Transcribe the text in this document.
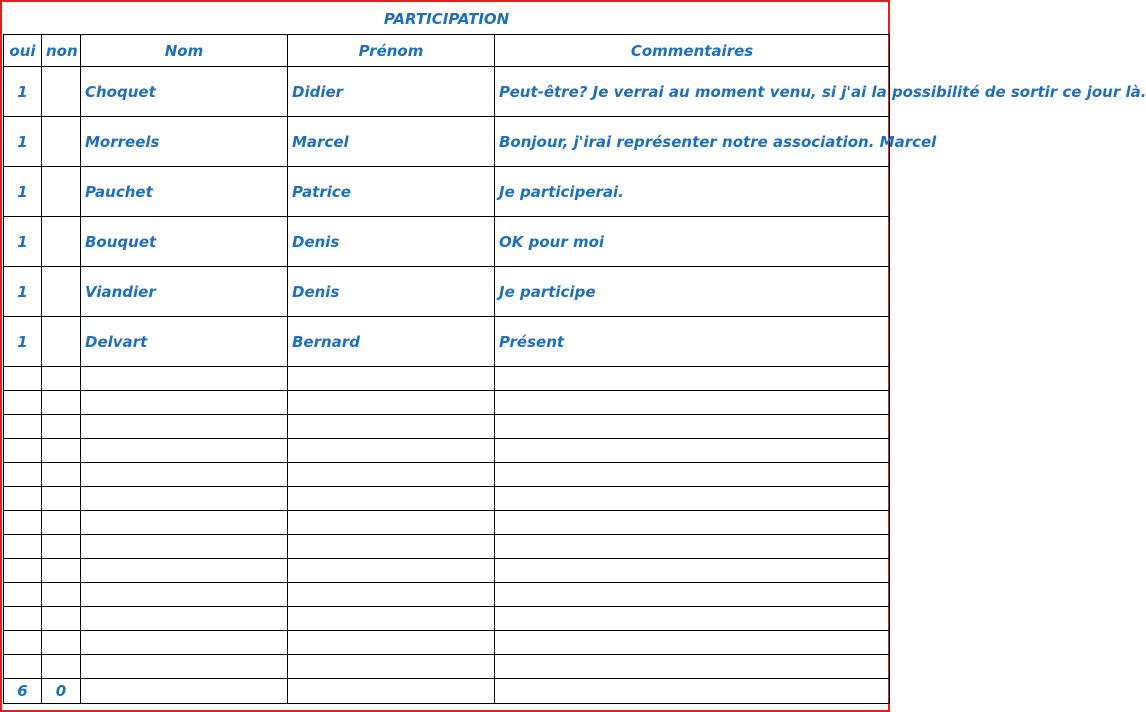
PARTICIPATION				
oui	non	Nom	Prénom	Commentaires
1		Choquet	Didier	Peut-être? Je verrai au moment venu, si j'ai la possibilité de sortir ce jour là.
1		Morreels	Marcel	Bonjour, j'irai représenter notre association. Marcel
1		Pauchet	Patrice	Je participerai.
1		Bouquet	Denis	OK pour moi
1		Viandier	Denis	Je participe
1		Delvart	Bernard	Présent

6	0			
